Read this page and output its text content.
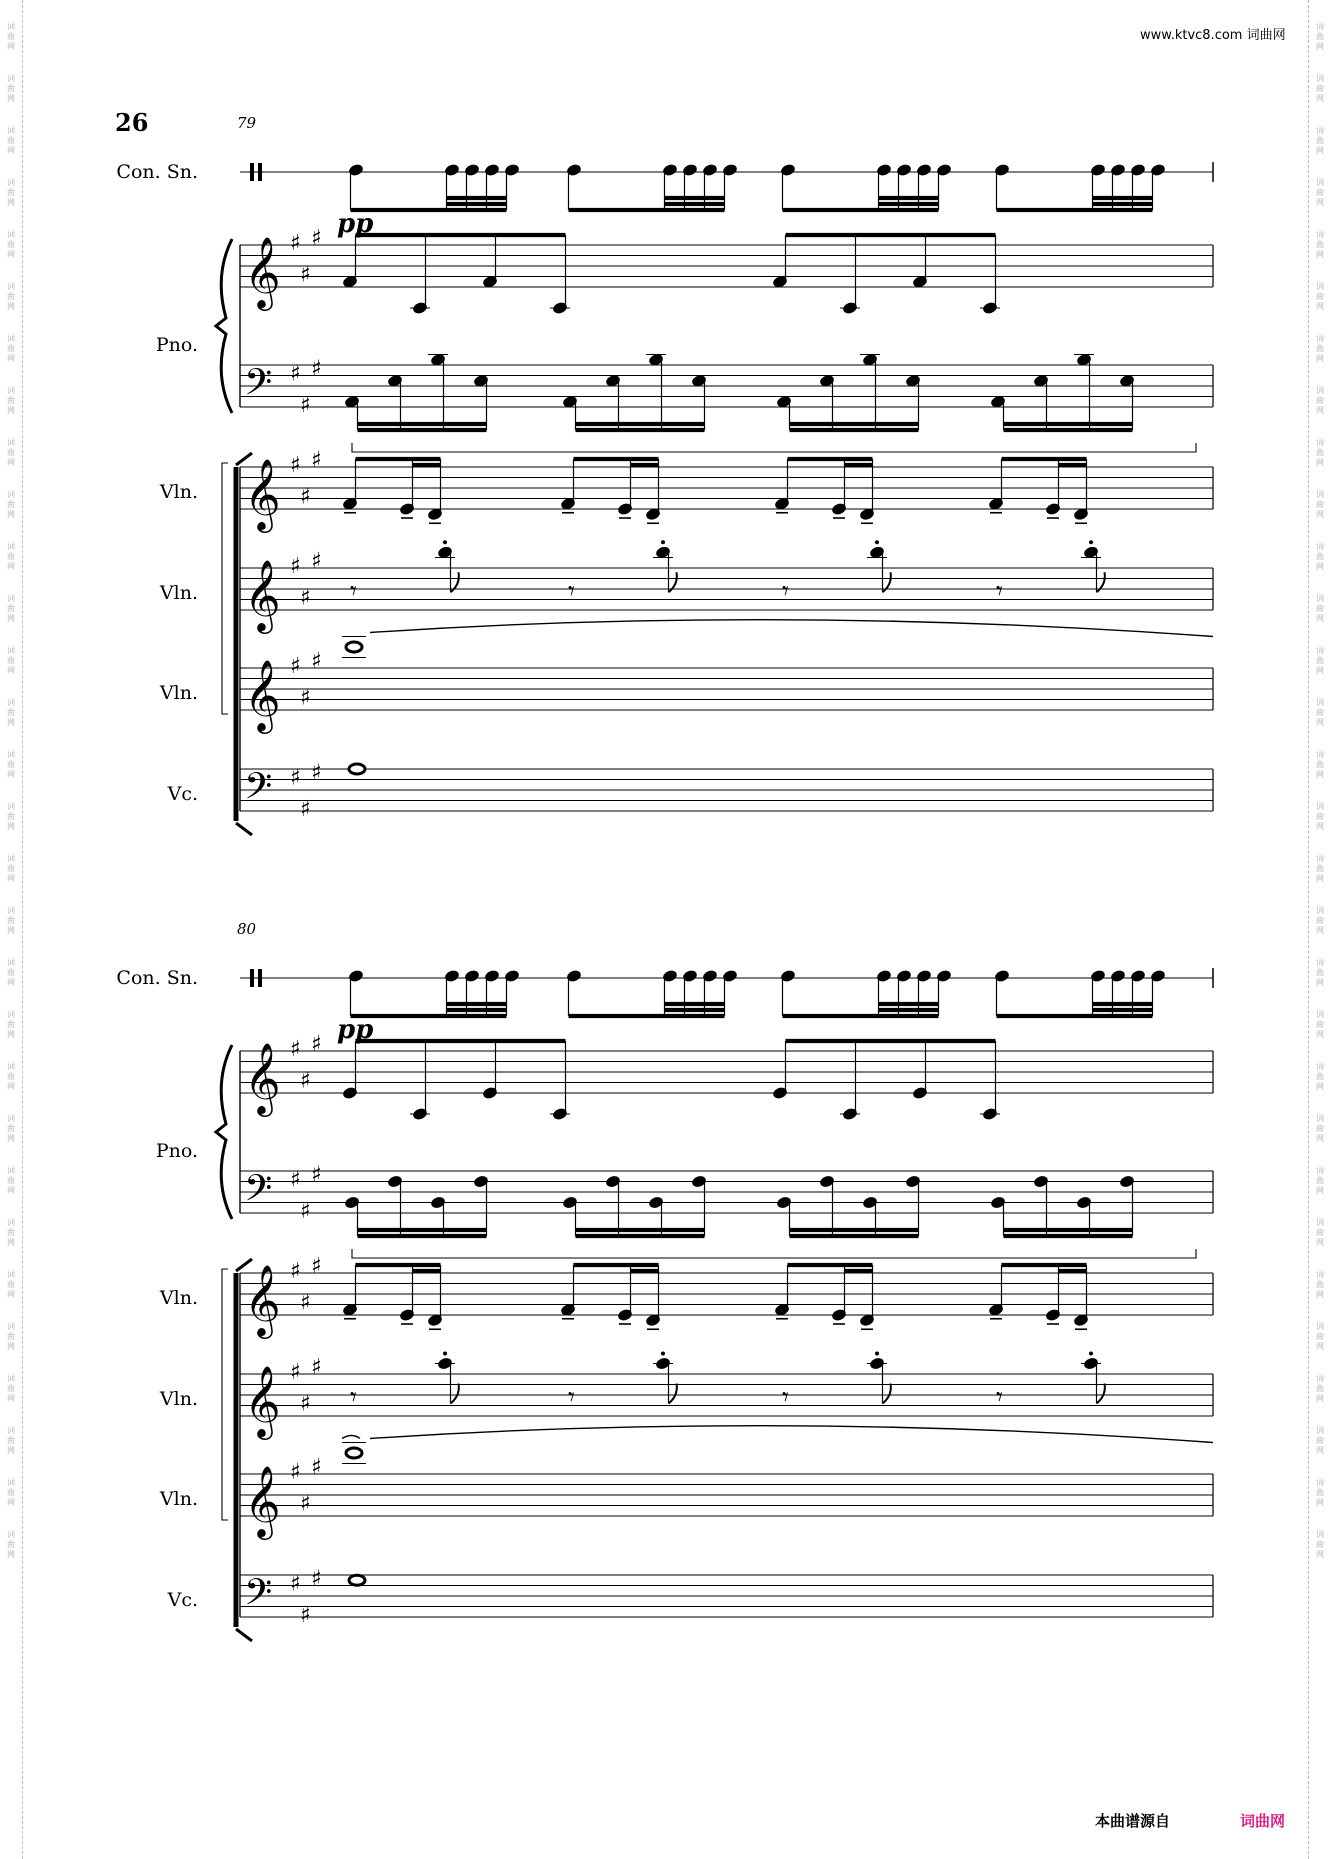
词
曲
网
词
曲
网
词
曲
网
词
曲
网
词
曲
网
词
曲
网
词
曲
网
词
曲
网
词
曲
网
词
曲
网
词
曲
网
词
曲
网
词
曲
网
词
曲
网
词
曲
网
词
曲
网
词
曲
网
词
曲
网
词
曲
网
词
曲
网
词
曲
网
词
曲
网
词
曲
网
词
曲
网
词
曲
网
词
曲
网
词
曲
网
词
曲
网
词
曲
网
词
曲
网
词
曲
网
词
曲
网
词
曲
网
词
曲
网
词
曲
网
词
曲
网
词
曲
网
词
曲
网
词
曲
网
词
曲
网
词
曲
网
词
曲
网
词
曲
网
词
曲
网
词
曲
网
词
曲
网
词
曲
网
词
曲
网
词
曲
网
词
曲
网
词
曲
网
词
曲
网
词
曲
网
词
曲
网
词
曲
网
词
曲
网
词
曲
网
词
曲
网
词
曲
网
词
曲
网
26
www.ktvc8.com 词曲网
本曲谱源自	词曲网
79
Con. Sn.
Pno.
Vln.
Vln.
Vln.
Vc.
pp
𝄞 ♯
♯
♯
𝄢 ♯
♯
♯
𝄞 ♯
♯
♯
𝄞 ♯
♯
♯
𝄾	𝄾	𝄾	𝄾
𝄞 ♯
♯
♯
𝄢 ♯
♯
♯
80
Con. Sn.
Pno.
Vln.
Vln.
Vln.
Vc.
pp
𝄞 ♯
♯
♯
𝄢 ♯
♯
♯
𝄞 ♯
♯
♯
𝄞 ♯
♯
♯
𝄾	𝄾	𝄾	𝄾
𝄞 ♯
♯
♯
𝄢 ♯
♯
♯
